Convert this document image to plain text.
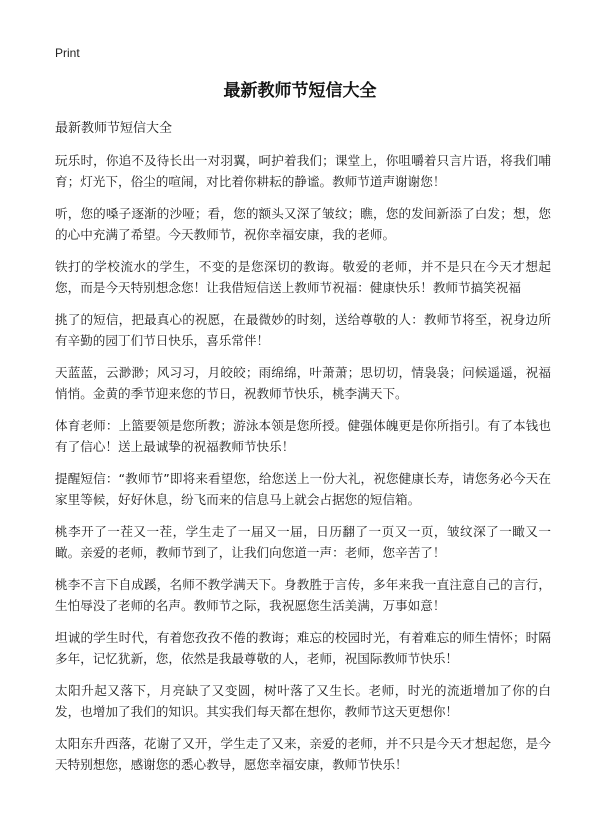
Print
最新教师节短信大全
最新教师节短信大全

玩乐时，你追不及待长出一对羽翼，呵护着我们；课堂上，你咀嚼着只言片语，将我们哺育；灯光下，俗尘的喧闹，对比着你耕耘的静谧。教师节道声谢谢您！

听，您的嗓子逐渐的沙哑；看，您的额头又深了皱纹；瞧，您的发间新添了白发；想，您的心中充满了希望。今天教师节，祝你幸福安康，我的老师。

铁打的学校流水的学生，不变的是您深切的教诲。敬爱的老师，并不是只在今天才想起您，而是今天特别想念您！让我借短信送上教师节祝福：健康快乐！教师节搞笑祝福

挑了的短信，把最真心的祝愿，在最微妙的时刻，送给尊敬的人：教师节将至，祝身边所有辛勤的园丁们节日快乐，喜乐常伴！

天蓝蓝，云渺渺；风习习，月皎皎；雨绵绵，叶萧萧；思切切，情袅袅；问候遥遥，祝福悄悄。金黄的季节迎来您的节日，祝教师节快乐，桃李满天下。

体育老师：上篮要领是您所教；游泳本领是您所授。健强体魄更是你所指引。有了本钱也有了信心！送上最诚挚的祝福教师节快乐！

提醒短信：“教师节”即将来看望您，给您送上一份大礼，祝您健康长寿，请您务必今天在家里等候，好好休息，纷飞而来的信息马上就会占据您的短信箱。

桃李开了一茬又一茬，学生走了一届又一届，日历翻了一页又一页，皱纹深了一瞰又一瞰。亲爱的老师，教师节到了，让我们向您道一声：老师，您辛苦了！

桃李不言下自成蹊，名师不教学满天下。身教胜于言传，多年来我一直注意自己的言行，生怕辱没了老师的名声。教师节之际，我祝愿您生活美满，万事如意！

坦诚的学生时代，有着您孜孜不倦的教诲；难忘的校园时光，有着难忘的师生情怀；时隔多年，记忆犹新，您，依然是我最尊敬的人，老师，祝国际教师节快乐！

太阳升起又落下，月亮缺了又变圆，树叶落了又生长。老师，时光的流逝增加了你的白发，也增加了我们的知识。其实我们每天都在想你，教师节这天更想你！

太阳东升西落，花谢了又开，学生走了又来，亲爱的老师，并不只是今天才想起您，是今天特别想您，感谢您的悉心教导，愿您幸福安康，教师节快乐！
